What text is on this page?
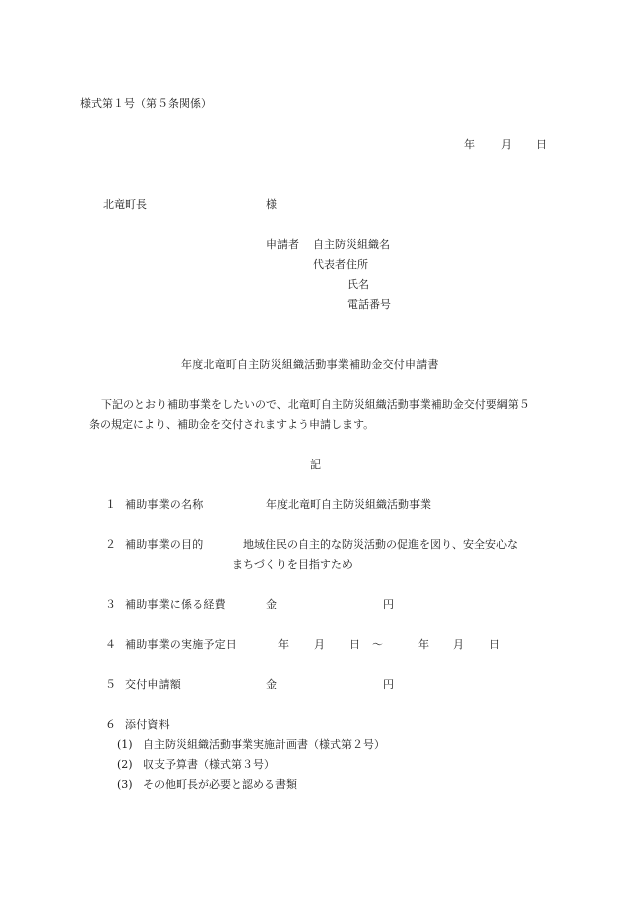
様式第１号（第５条関係）
年 月 日
北竜町長	様
申請者 自主防災組織名
代表者住所
氏名
電話番号
年度北竜町自主防災組織活動事業補助金交付申請書
下記のとおり補助事業をしたいので、北竜町自主防災組織活動事業補助金交付要綱第５
条の規定により、補助金を交付されますよう申請します。
記
１ 補助事業の名称	年度北竜町自主防災組織活動事業
２ 補助事業の目的	地域住民の自主的な防災活動の促進を図り、安全安心な
まちづくりを目指すため
３ 補助事業に係る経費	金	円
４ 補助事業の実施予定日	年 月 日 ～	年 月 日
５ 交付申請額	金	円
６ 添付資料
(1) 自主防災組織活動事業実施計画書（様式第２号）
(2) 収支予算書（様式第３号）
(3) その他町長が必要と認める書類
